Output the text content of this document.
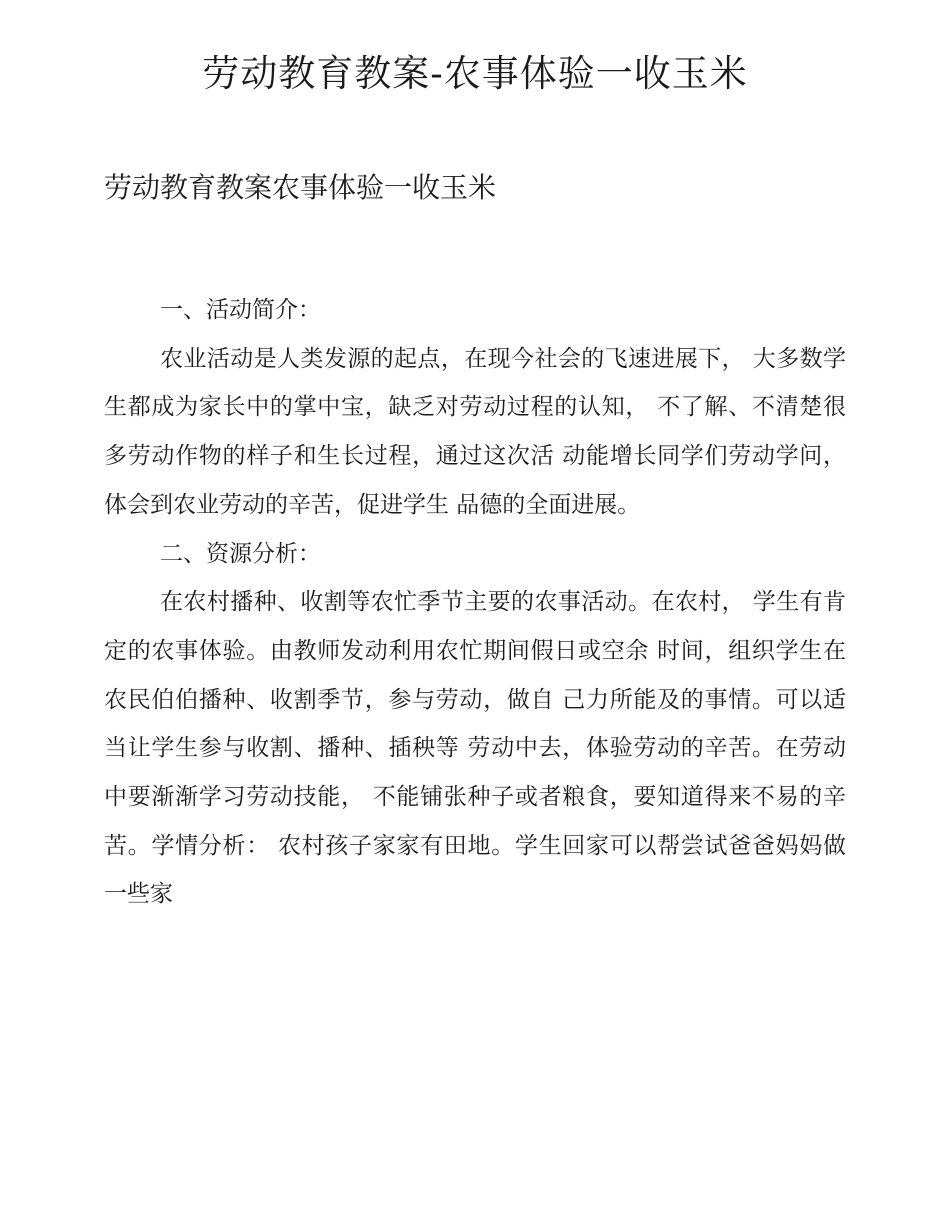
劳动教育教案-农事体验一收玉米
劳动教育教案农事体验一收玉米

一、活动简介：

农业活动是人类发源的起点，在现今社会的飞速进展下， 大多数学生都成为家长中的掌中宝，缺乏对劳动过程的认知， 不了解、不清楚很多劳动作物的样子和生长过程，通过这次活 动能增长同学们劳动学问，体会到农业劳动的辛苦，促进学生 品德的全面进展。

二、资源分析：

在农村播种、收割等农忙季节主要的农事活动。在农村， 学生有肯定的农事体验。由教师发动利用农忙期间假日或空余 时间，组织学生在农民伯伯播种、收割季节，参与劳动，做自 己力所能及的事情。可以适当让学生参与收割、播种、插秧等 劳动中去，体验劳动的辛苦。在劳动中要渐渐学习劳动技能， 不能铺张种子或者粮食，要知道得来不易的辛苦。学情分析： 农村孩子家家有田地。学生回家可以帮尝试爸爸妈妈做一些家
